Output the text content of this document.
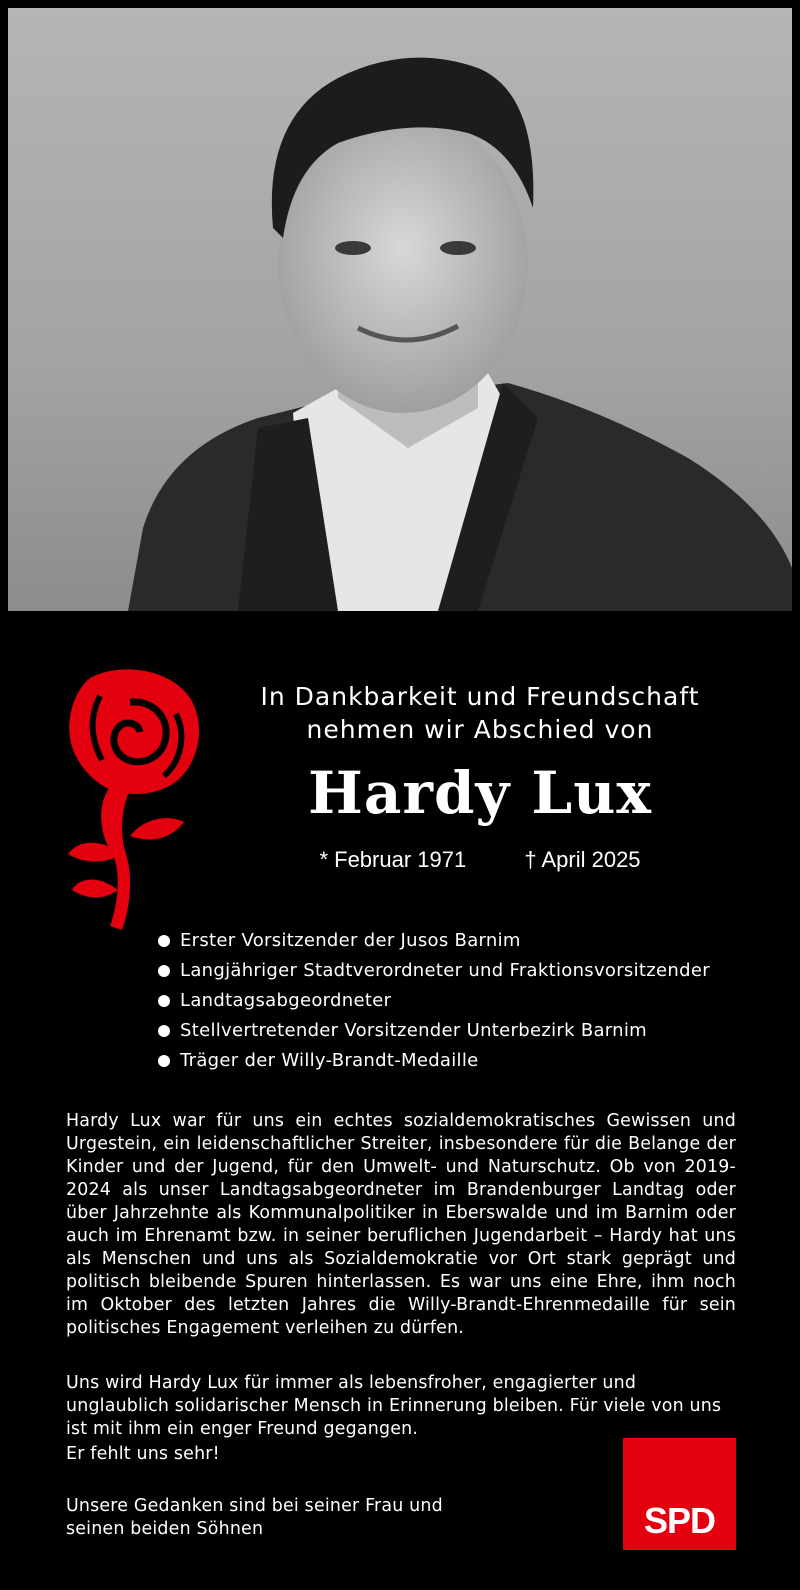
In Dankbarkeit und Freundschaft
nehmen wir Abschied von
Hardy Lux
* Februar 1971	† April 2025
Erster Vorsitzender der Jusos Barnim
Langjähriger Stadtverordneter und Fraktionsvorsitzender
Landtagsabgeordneter
Stellvertretender Vorsitzender Unterbezirk Barnim
Träger der Willy-Brandt-Medaille

Hardy Lux war für uns ein echtes sozialdemokratisches Gewissen und Urgestein, ein leidenschaftlicher Streiter, insbesondere für die Belange der Kinder und der Jugend, für den Umwelt- und Naturschutz. Ob von 2019-2024 als unser Landtagsabgeordneter im Brandenburger Landtag oder über Jahrzehnte als Kommunalpolitiker in Eberswalde und im Barnim oder auch im Ehrenamt bzw. in seiner beruflichen Jugendarbeit – Hardy hat uns als Menschen und uns als Sozialdemokratie vor Ort stark geprägt und politisch bleibende Spuren hinterlassen. Es war uns eine Ehre, ihm noch im Oktober des letzten Jahres die Willy-Brandt-Ehrenmedaille für sein politisches Engagement verleihen zu dürfen.

Uns wird Hardy Lux für immer als lebensfroher, engagierter und unglaublich solidarischer Mensch in Erinnerung bleiben. Für viele von uns ist mit ihm ein enger Freund gegangen.

Er fehlt uns sehr!

Unsere Gedanken sind bei seiner Frau und seinen beiden Söhnen	SPD
